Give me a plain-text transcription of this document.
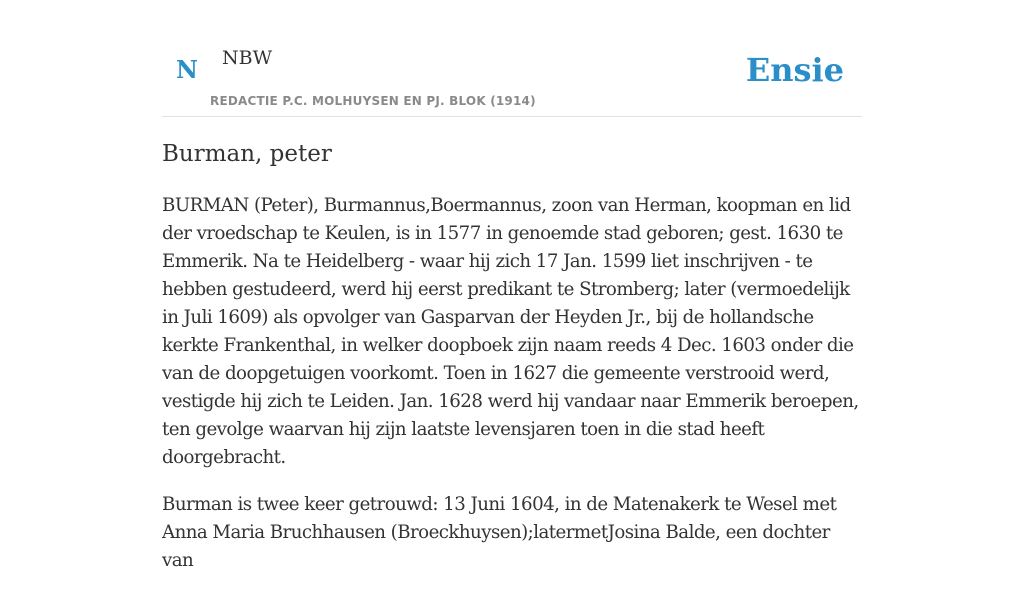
N NBW
REDACTIE P.C. MOLHUYSEN EN PJ. BLOK (1914)
Ensie
Burman, peter

BURMAN (Peter), Burmannus,Boermannus, zoon van Herman, koopman en lid der vroedschap te Keulen, is in 1577 in genoemde stad geboren; gest. 1630 te Emmerik. Na te Heidelberg - waar hij zich 17 Jan. 1599 liet inschrijven - te hebben gestudeerd, werd hij eerst predikant te Stromberg; later (vermoedelijk in Juli 1609) als opvolger van Gasparvan der Heyden Jr., bij de hollandsche kerkte Frankenthal, in welker doopboek zijn naam reeds 4 Dec. 1603 onder die van de doopgetuigen voorkomt. Toen in 1627 die gemeente verstrooid werd, vestigde hij zich te Leiden. Jan. 1628 werd hij vandaar naar Emmerik beroepen, ten gevolge waarvan hij zijn laatste levensjaren toen in die stad heeft doorgebracht.

Burman is twee keer getrouwd: 13 Juni 1604, in de Matenakerk te Wesel met Anna Maria Bruchhausen (Broeckhuysen);latermetJosina Balde, een dochter van
